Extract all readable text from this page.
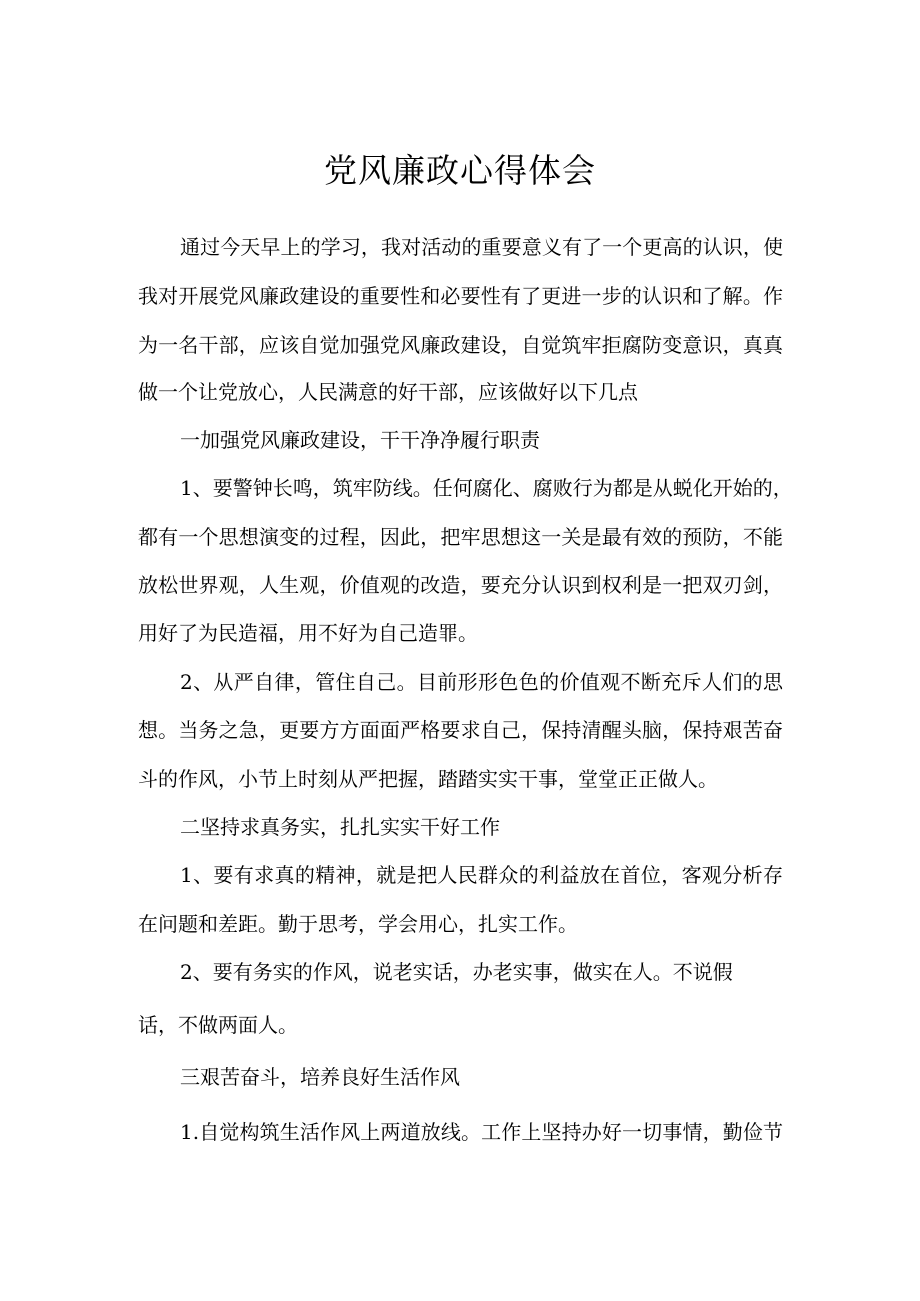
党风廉政心得体会
通过今天早上的学习，我对活动的重要意义有了一个更高的认识，使
我对开展党风廉政建设的重要性和必要性有了更进一步的认识和了解。作
为一名干部，应该自觉加强党风廉政建设，自觉筑牢拒腐防变意识，真真
做一个让党放心，人民满意的好干部，应该做好以下几点
一加强党风廉政建设，干干净净履行职责
1、要警钟长鸣，筑牢防线。任何腐化、腐败行为都是从蜕化开始的，
都有一个思想演变的过程，因此，把牢思想这一关是最有效的预防，不能
放松世界观，人生观，价值观的改造，要充分认识到权利是一把双刃剑，
用好了为民造福，用不好为自己造罪。
2、从严自律，管住自己。目前形形色色的价值观不断充斥人们的思
想。当务之急，更要方方面面严格要求自己，保持清醒头脑，保持艰苦奋
斗的作风，小节上时刻从严把握，踏踏实实干事，堂堂正正做人。
二坚持求真务实，扎扎实实干好工作
1、要有求真的精神，就是把人民群众的利益放在首位，客观分析存
在问题和差距。勤于思考，学会用心，扎实工作。
2、要有务实的作风，说老实话，办老实事，做实在人。不说假
话，不做两面人。
三艰苦奋斗，培养良好生活作风
1.自觉构筑生活作风上两道放线。工作上坚持办好一切事情，勤俭节
